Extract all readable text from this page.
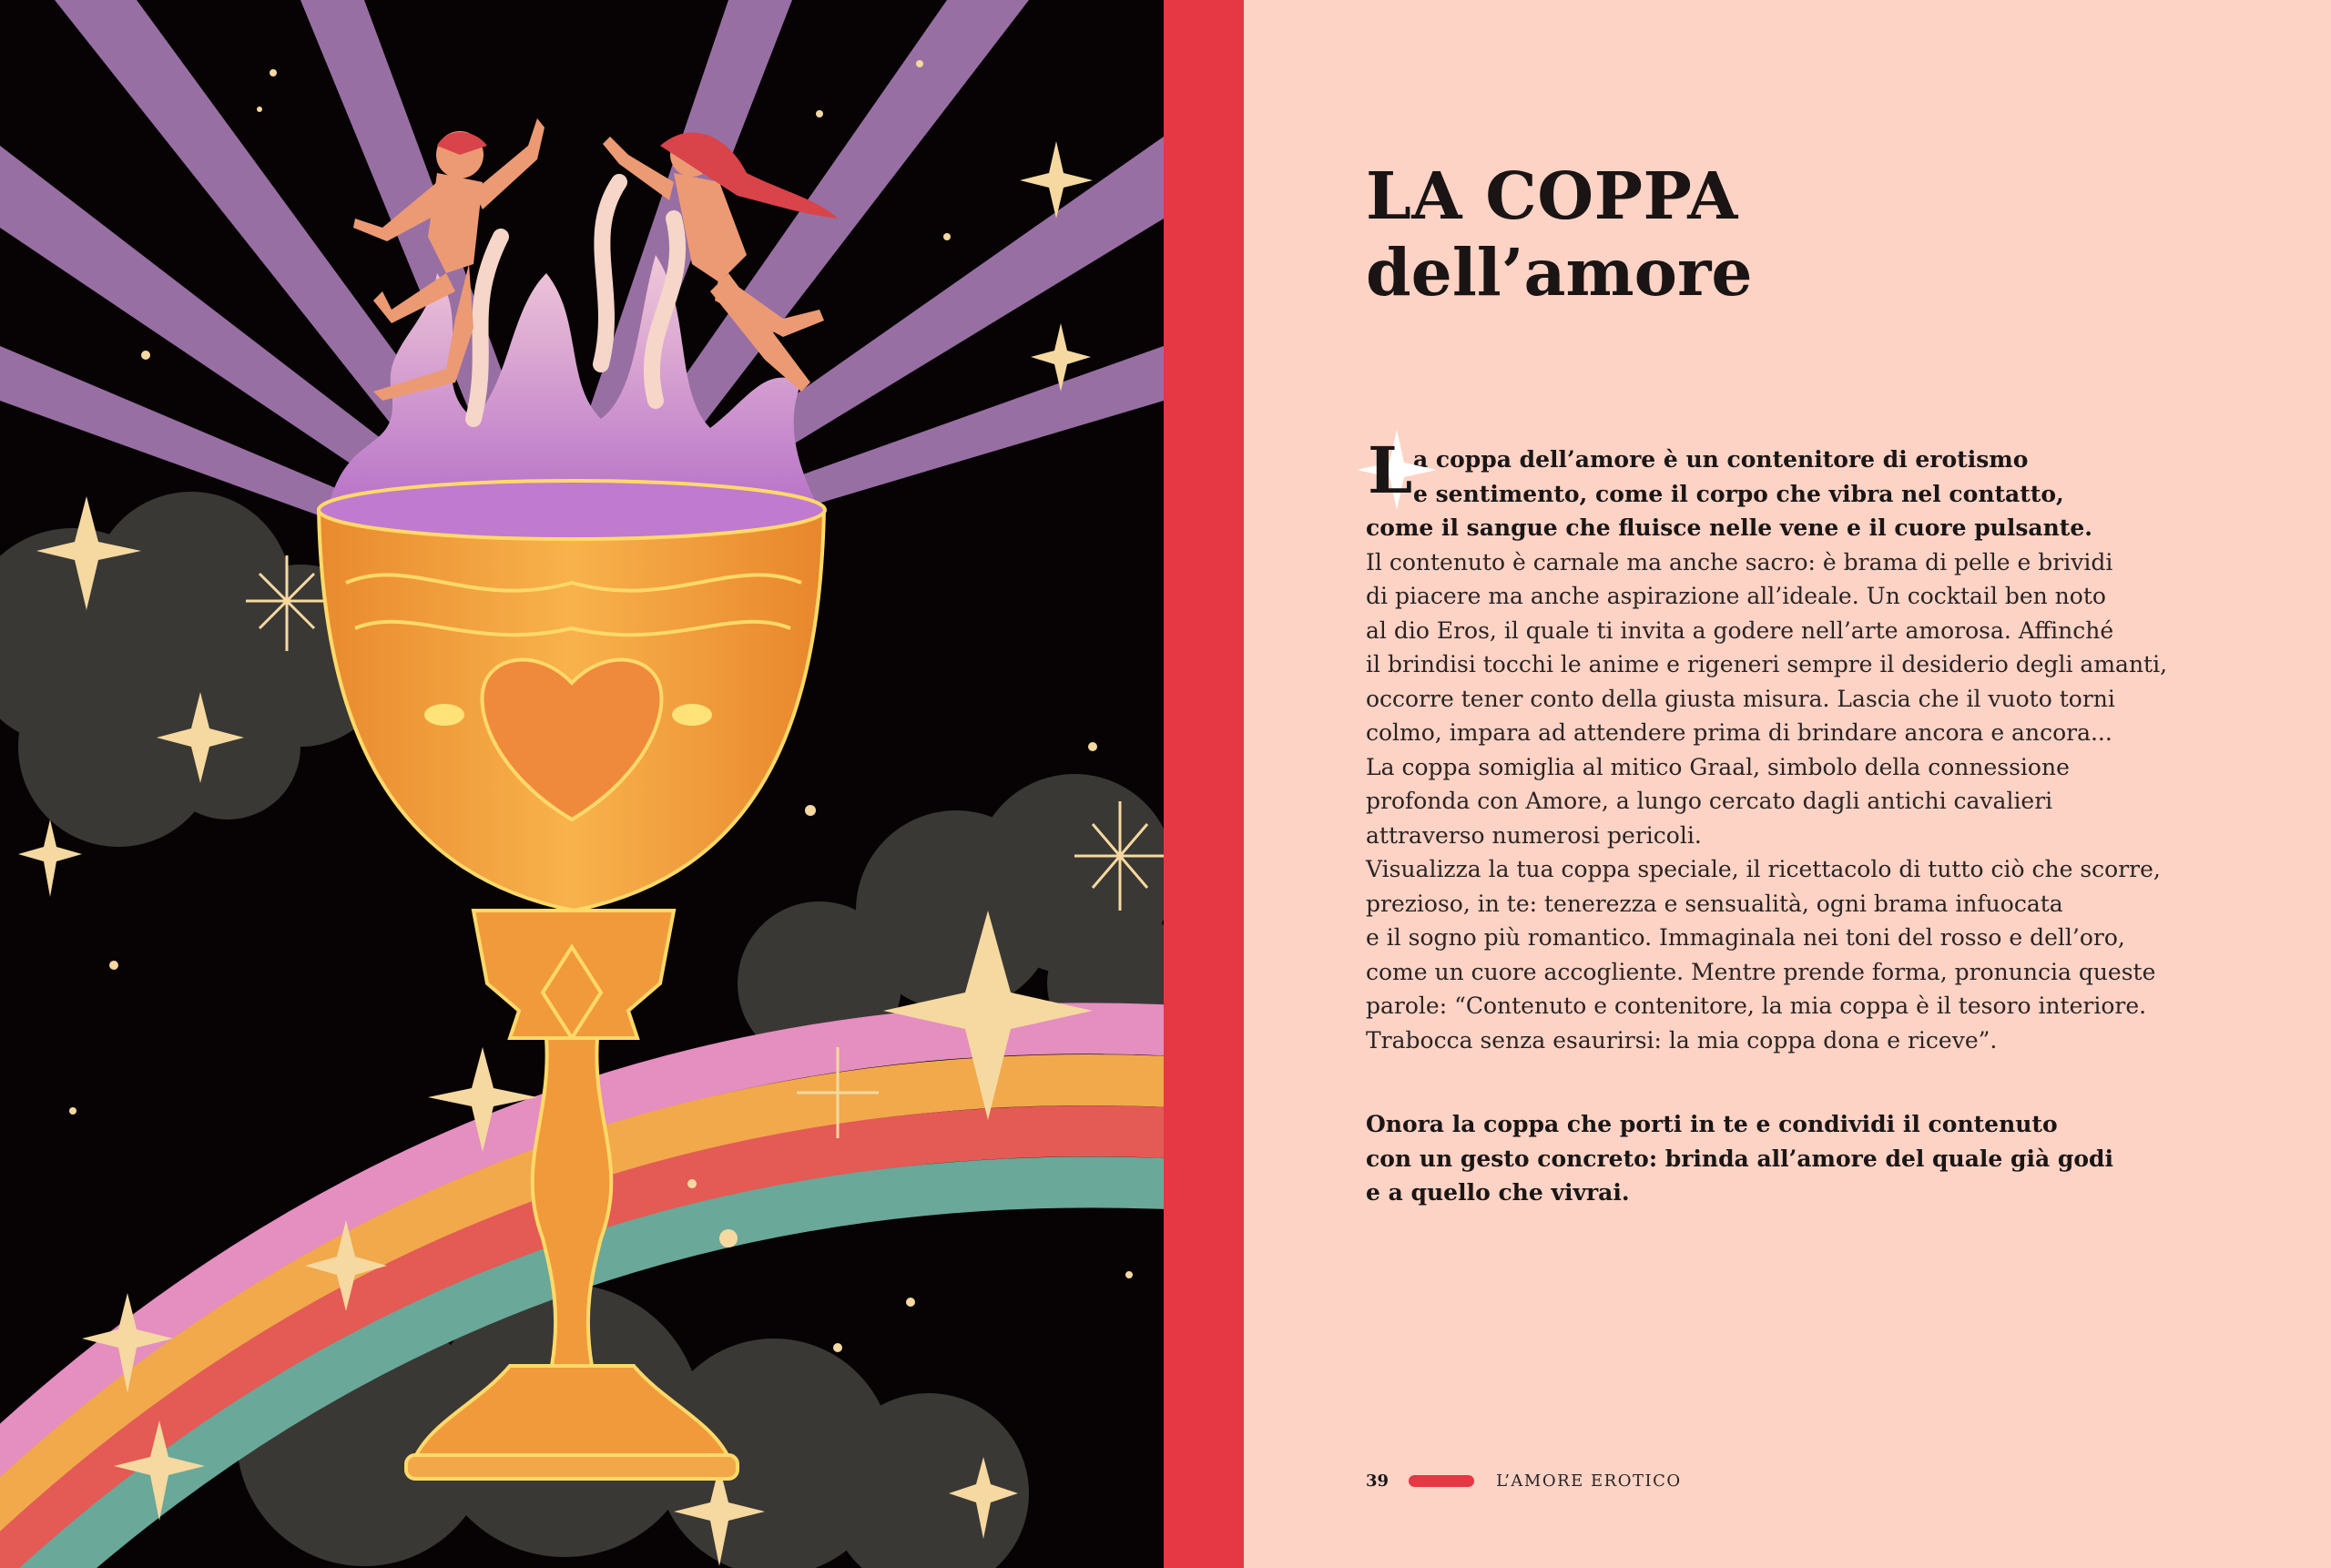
LA COPPA
dell’amore
L a coppa dell’amore è un contenitore di erotismo
e sentimento, come il corpo che vibra nel contatto,
come il sangue che fluisce nelle vene e il cuore pulsante.
Il contenuto è carnale ma anche sacro: è brama di pelle e brividi
di piacere ma anche aspirazione all’ideale. Un cocktail ben noto
al dio Eros, il quale ti invita a godere nell’arte amorosa. Affinché
il brindisi tocchi le anime e rigeneri sempre il desiderio degli amanti,
occorre tener conto della giusta misura. Lascia che il vuoto torni
colmo, impara ad attendere prima di brindare ancora e ancora...
La coppa somiglia al mitico Graal, simbolo della connessione
profonda con Amore, a lungo cercato dagli antichi cavalieri
attraverso numerosi pericoli.
Visualizza la tua coppa speciale, il ricettacolo di tutto ciò che scorre,
prezioso, in te: tenerezza e sensualità, ogni brama infuocata
e il sogno più romantico. Immaginala nei toni del rosso e dell’oro,
come un cuore accogliente. Mentre prende forma, pronuncia queste
parole: “Contenuto e contenitore, la mia coppa è il tesoro interiore.
Trabocca senza esaurirsi: la mia coppa dona e riceve”.
Onora la coppa che porti in te e condividi il contenuto
con un gesto concreto: brinda all’amore del quale già godi
e a quello che vivrai.
39	L’AMORE EROTICO
